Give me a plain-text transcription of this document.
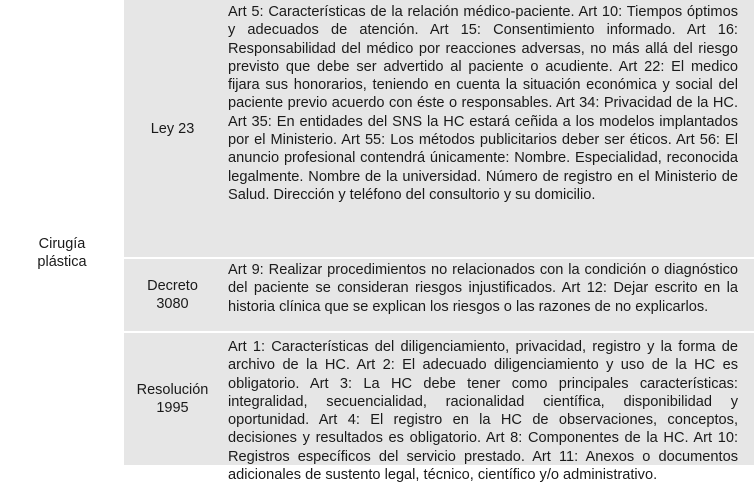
Cirugía plástica
Ley 23
Art 5: Características de la relación médico-paciente. Art 10: Tiempos óptimos y adecuados de atención. Art 15: Consentimiento informado. Art 16: Responsabilidad del médico por reacciones adversas, no más allá del riesgo previsto que debe ser advertido al paciente o acudiente. Art 22: El medico fijara sus honorarios, teniendo en cuenta la situación económica y social del paciente previo acuerdo con éste o responsables. Art 34: Privacidad de la HC. Art 35: En entidades del SNS la HC estará ceñida a los modelos implantados por el Ministerio. Art 55: Los métodos publicitarios deber ser éticos. Art 56: El anuncio profesional contendrá únicamente: Nombre. Especialidad, reconocida legalmente. Nombre de la universidad. Número de registro en el Ministerio de Salud. Dirección y teléfono del consultorio y su domicilio.
Decreto 3080
Art 9: Realizar procedimientos no relacionados con la condición o diagnóstico del paciente se consideran riesgos injustificados. Art 12: Dejar escrito en la historia clínica que se explican los riesgos o las razones de no explicarlos.
Resolución 1995
Art 1: Características del diligenciamiento, privacidad, registro y la forma de archivo de la HC. Art 2: El adecuado diligenciamiento y uso de la HC es obligatorio. Art 3: La HC debe tener como principales características: integralidad, secuencialidad, racionalidad científica, disponibilidad y oportunidad. Art 4: El registro en la HC de observaciones, conceptos, decisiones y resultados es obligatorio. Art 8: Componentes de la HC. Art 10: Registros específicos del servicio prestado. Art 11: Anexos o documentos adicionales de sustento legal, técnico, científico y/o administrativo.
